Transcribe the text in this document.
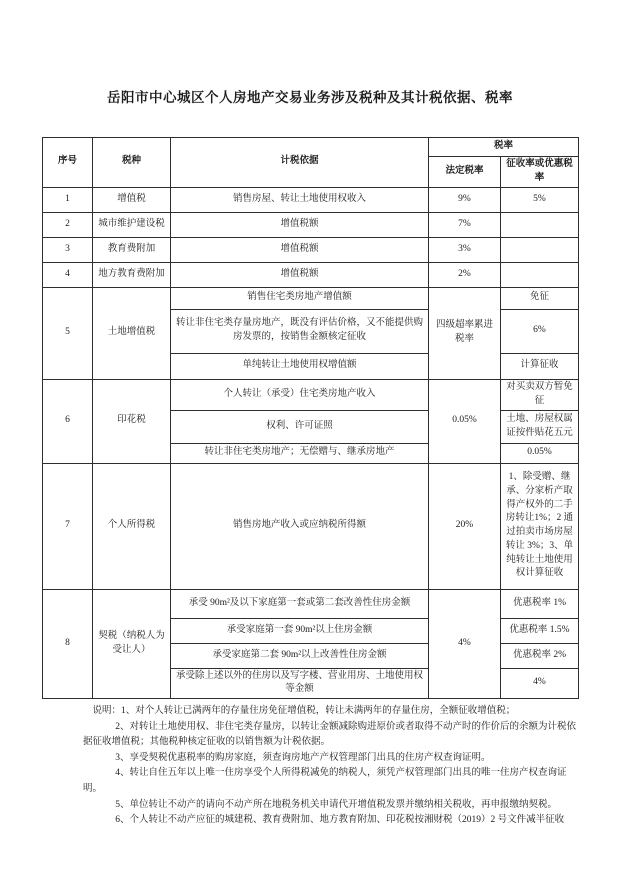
岳阳市中心城区个人房地产交易业务涉及税种及其计税依据、税率
序号	税种	计税依据	税率	
			法定税率	征收率或优惠税率
1	增值税	销售房屋、转让土地使用权收入	9%	5%
2	城市维护建设税	增值税额	7%	
3	教育费附加	增值税额	3%	
4	地方教育费附加	增值税额	2%	
5	土地增值税	销售住宅类房地产增值额	四级超率累进税率	免征
		转让非住宅类存量房地产，既没有评估价格，又不能提供购房发票的，按销售金额核定征收		6%
		单纯转让土地使用权增值额		计算征收
6	印花税	个人转让（承受）住宅类房地产收入	0.05%	对买卖双方暂免征
		权利、许可证照		土地、房屋权属证按件贴花五元
		转让非住宅类房地产；无偿赠与、继承房地产		0.05%
7	个人所得税	销售房地产收入或应纳税所得额	20%	1、除受赠、继承、分家析产取得产权外的二手房转让1%；2 通过拍卖市场房屋转让 3%；3、单纯转让土地使用权计算征收
8	契税（纳税人为受让人）	承受 90m²及以下家庭第一套或第二套改善性住房金额	4%	优惠税率 1%
		承受家庭第一套 90m²以上住房金额		优惠税率 1.5%
		承受家庭第二套 90m²以上改善性住房金额		优惠税率 2%
		承受除上述以外的住房以及写字楼、营业用房、土地使用权等金额		4%

说明：1、对个人转让已满两年的存量住房免征增值税，转让未满两年的存量住房，全额征收增值税；

2、对转让土地使用权、非住宅类存量房，以转让金额减除购进原价或者取得不动产时的作价后的余额为计税依据征收增值税；其他税种核定征收的以销售额为计税依据。

3、享受契税优惠税率的购房家庭，须查询房地产产权管理部门出具的住房产权查询证明。

4、转让自住五年以上唯一住房享受个人所得税减免的纳税人，须凭产权管理部门出具的唯一住房产权查询证明。

5、单位转让不动产的请向不动产所在地税务机关申请代开增值税发票并缴纳相关税收，再申报缴纳契税。

6、个人转让不动产应征的城建税、教育费附加、地方教育附加、印花税按湘财税（2019）2 号文件减半征收
